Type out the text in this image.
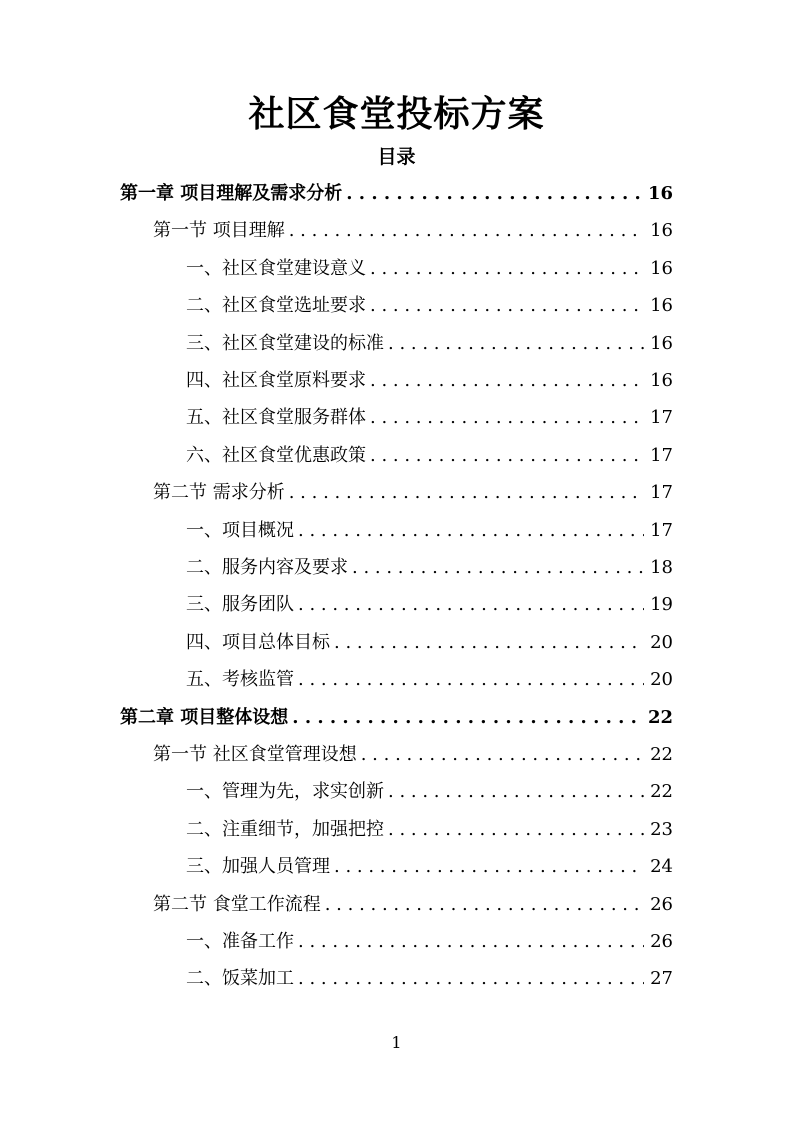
社区食堂投标方案
目录
第一章 项目理解及需求分析 . . .	16
第一节 项目理解 . . .	16
一、社区食堂建设意义 . . .	16
二、社区食堂选址要求 . . .	16
三、社区食堂建设的标准 . . .	16
四、社区食堂原料要求 . . .	16
五、社区食堂服务群体 . . .	17
六、社区食堂优惠政策 . . .	17
第二节 需求分析 . . .	17
一、项目概况 . . .	17
二、服务内容及要求 . . .	18
三、服务团队 . . .	19
四、项目总体目标 . . .	20
五、考核监管 . . .	20
第二章 项目整体设想 . . .	22
第一节 社区食堂管理设想 . . .	22
一、管理为先，求实创新 . . .	22
二、注重细节，加强把控 . . .	23
三、加强人员管理 . . .	24
第二节 食堂工作流程 . . .	26
一、准备工作 . . .	26
二、饭菜加工 . . .	27
1
